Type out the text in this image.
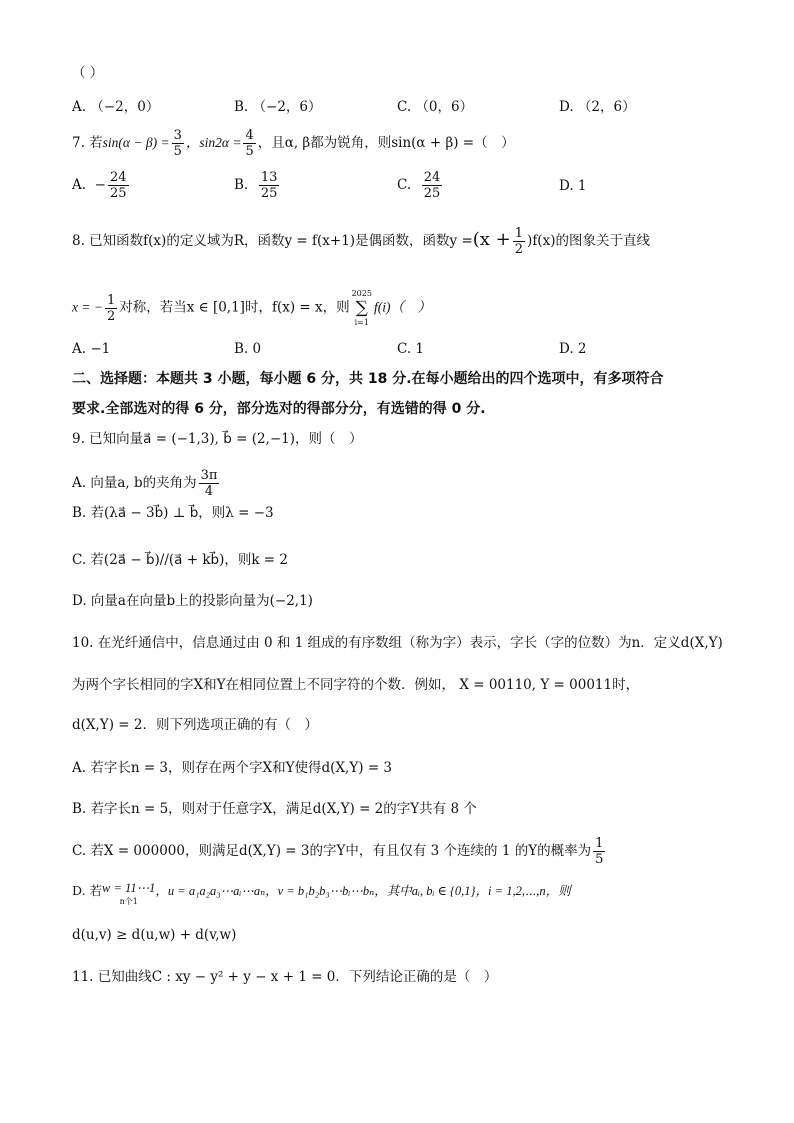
（ ）
A. （−2，0）	B. （−2，6）	C. （0，6）	D. （2，6）
7. 若$\sin(\alpha - \beta) = \frac{3}{5}$ ，$\sin 2\alpha = \frac{4}{5}$ ，且α, β都为锐角，则sin(α + β) =（　）
A. − $\frac{24}{25}$	B. $\frac{13}{25}$	C. $\frac{24}{25}$	D. 1
8. 已知函数f(x)的定义域为R，函数y = f(x+1)是偶函数，函数$y =(x + \frac{1}{2} )f(x)$的图象关于直线
x = − $\frac{1}{2}$ 对称，若当x ∈ [0,1]时，f(x) = x，则
2025
∑
i=1
f(i)（　）
A. −1	B. 0	C. 1	D. 2
二、选择题：本题共 3 小题，每小题 6 分，共 18 分.在每小题给出的四个选项中，有多项符合
要求.全部选对的得 6 分，部分选对的得部分分，有选错的得 0 分.
9. 已知向量a⃗ = (−1,3), b⃗ = (2,−1)，则（　）
A. 向量a, b的夹角为 $\frac{3\pi}{4}$
B. 若(λa⃗ − 3b⃗) ⊥ b⃗，则λ = −3
C. 若(2a⃗ − b⃗)//(a⃗ + kb⃗)，则k = 2
D. 向量a在向量b上的投影向量为(−2,1)
10. 在光纤通信中，信息通过由 0 和 1 组成的有序数组（称为字）表示，字长（字的位数）为n．定义d(X,Y)
为两个字长相同的字X和Y在相同位置上不同字符的个数．例如， X = 00110, Y = 00011时，
d(X,Y) = 2．则下列选项正确的有（　）
A. 若字长n = 3，则存在两个字X和Y使得d(X,Y) = 3
B. 若字长n = 5，则对于任意字X，满足d(X,Y) = 2的字Y共有 8 个
C. 若X = 000000，则满足d(X,Y) = 3的字Y中，有且仅有 3 个连续的 1 的Y的概率为 $\frac{1}{5}$
D. 若 w = 11⋯1
n个1
，u = a₁a₂a₃⋯aᵢ⋯aₙ，v = b₁b₂b₃⋯bᵢ⋯bₙ，其中aᵢ, bᵢ ∈ {0,1}，i = 1,2,⋯,n，则
d(u,v) ≥ d(u,w) + d(v,w)
11. 已知曲线C : xy − y² + y − x + 1 = 0．下列结论正确的是（　）
